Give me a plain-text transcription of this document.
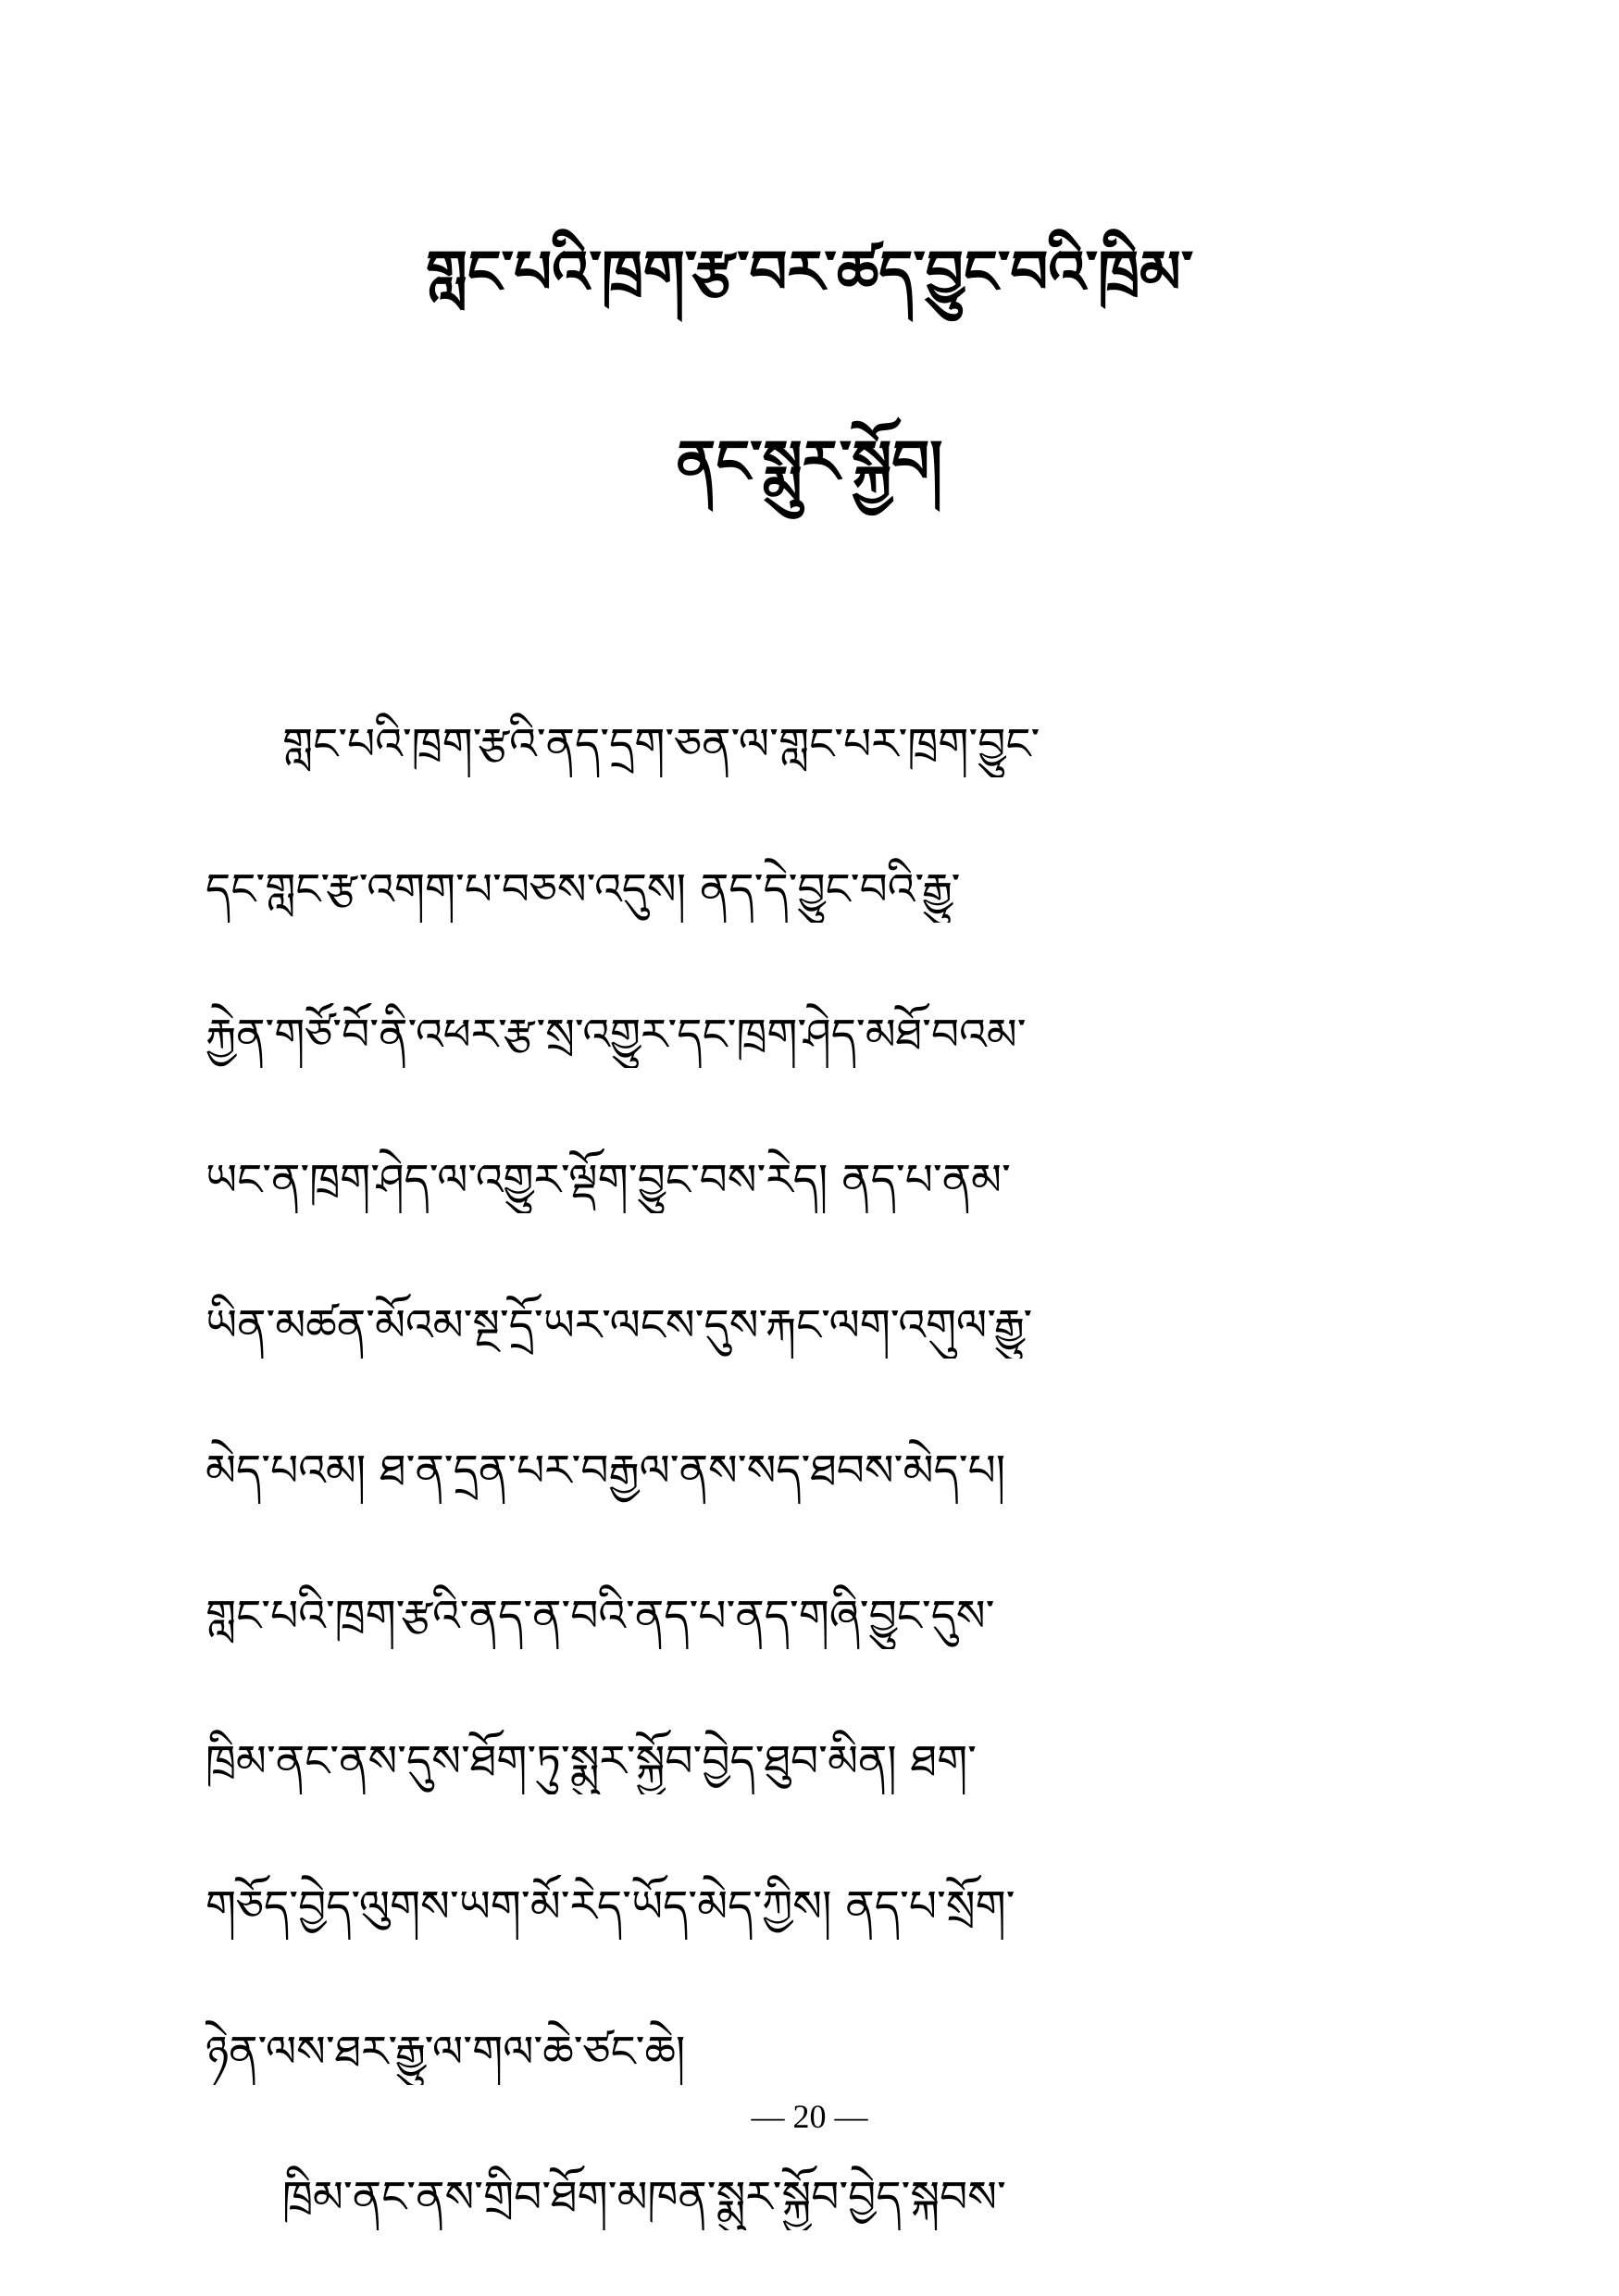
གླང་པའི་ཁྲག་རྩ་བར་ཚད་བྱུང་བའི་ཁྲིམ་
ནང་སྨུར་སྐྱོབ།
གླང་པའི་ཁྲག་རྩའི་ནད་དྲག་ཅན་ལ་གླང་པར་ཁྲག་བྱུང་
དང་གླང་རྩ་འགག་པ་བཅས་འདུས། ནད་དེ་བྱུང་བའི་རྒྱུ་
རྐྱེན་གཙོ་བོ་ནི་འཕར་རྩ་སྲ་འགྱུར་དང་ཁྲག་ཤེད་མཐོ་བའམ་
ཡང་ན་ཁྲག་ཤེད་ལ་འགྱུར་ལྡོག་བྱུང་བས་རེད། ནད་པ་ནམ་
ཡིན་མཚན་མོའམ་སྔ་དྲོ་ཡར་ལངས་དུས་རྐང་ལག་འགུལ་རྒྱུ་
མེད་པའམ། ཐ་ན་དྲན་པར་བརྒྱལ་ནས་སད་ཐབས་མེད་པ།
གླང་པའི་ཁྲག་རྩའི་ནད་ན་བའི་ནད་པ་ནད་གཞི་བྱུང་དུས་
ཁྲིམ་ནང་ནས་དུས་ཐོག་ཏུ་སྨུར་སྐྱོབ་བྱེད་ཐུབ་མིན། ཐག་
གཅོད་བྱེད་ལུགས་ཡག་མོ་རེད་ཡོད་མེད་ཀྱིས། ནད་པ་སྲོག་
ཉེན་ལས་ཐར་རྒྱུ་ལ་གལ་ཆེ་ཙང་ཆེ།
ཁྲིམ་ནང་ནས་གྲིབ་ཐོག་མཁན་སྨུར་སྐྱོབ་བྱེད་སྐབས་
— 20 —
